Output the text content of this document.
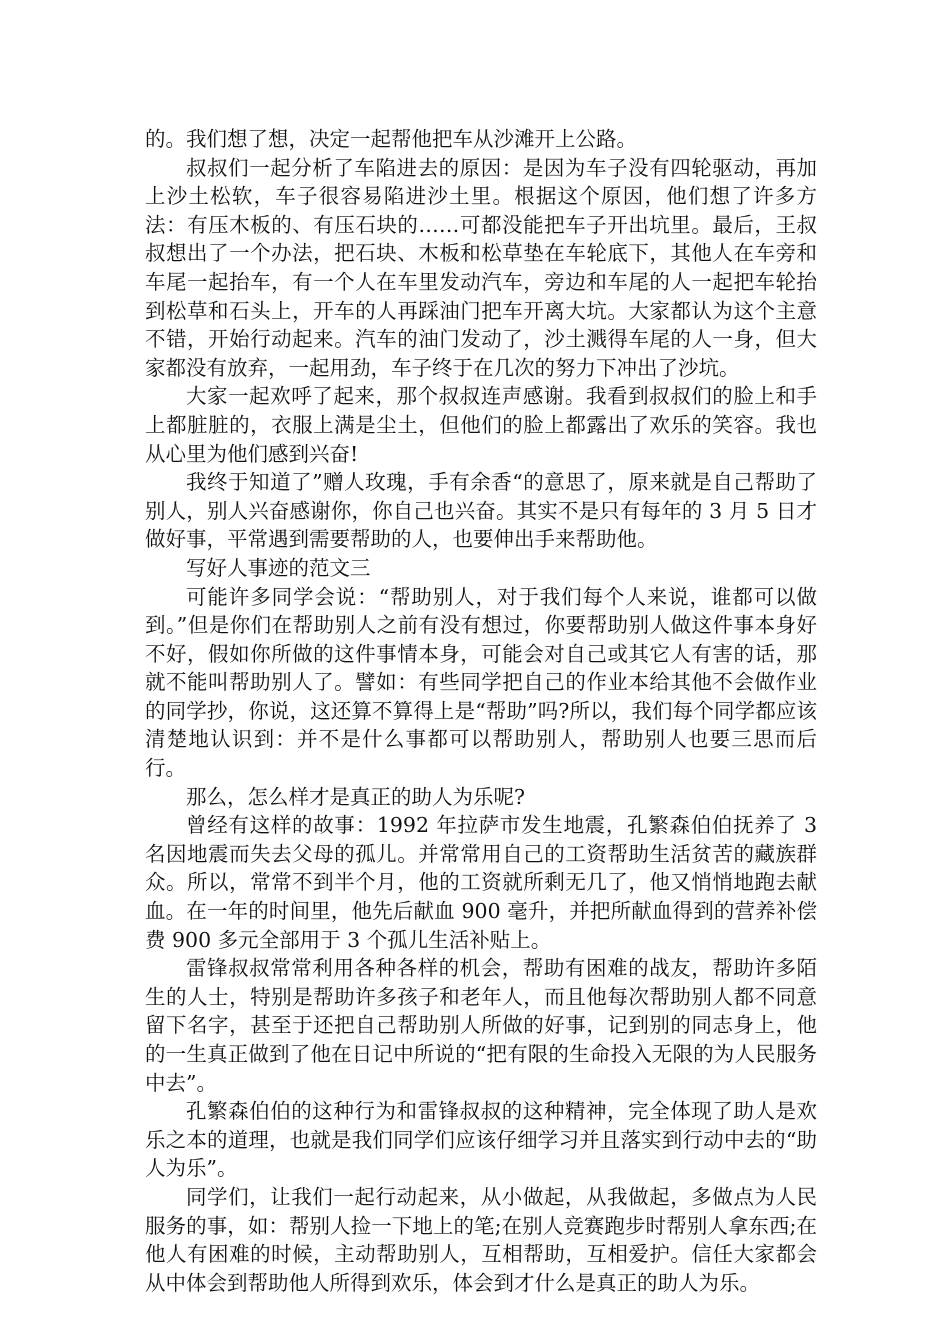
的。我们想了想，决定一起帮他把车从沙滩开上公路。

叔叔们一起分析了车陷进去的原因：是因为车子没有四轮驱动，再加上沙土松软，车子很容易陷进沙土里。根据这个原因，他们想了许多方法：有压木板的、有压石块的……可都没能把车子开出坑里。最后，王叔叔想出了一个办法，把石块、木板和松草垫在车轮底下，其他人在车旁和车尾一起抬车，有一个人在车里发动汽车，旁边和车尾的人一起把车轮抬到松草和石头上，开车的人再踩油门把车开离大坑。大家都认为这个主意不错，开始行动起来。汽车的油门发动了，沙土溅得车尾的人一身，但大家都没有放弃，一起用劲，车子终于在几次的努力下冲出了沙坑。

大家一起欢呼了起来，那个叔叔连声感谢。我看到叔叔们的脸上和手上都脏脏的，衣服上满是尘土，但他们的脸上都露出了欢乐的笑容。我也从心里为他们感到兴奋!

我终于知道了”赠人玫瑰，手有余香“的意思了，原来就是自己帮助了别人，别人兴奋感谢你，你自己也兴奋。其实不是只有每年的 3 月 5 日才做好事，平常遇到需要帮助的人，也要伸出手来帮助他。

写好人事迹的范文三

可能许多同学会说：“帮助别人，对于我们每个人来说，谁都可以做到。”但是你们在帮助别人之前有没有想过，你要帮助别人做这件事本身好不好，假如你所做的这件事情本身，可能会对自己或其它人有害的话，那就不能叫帮助别人了。譬如：有些同学把自己的作业本给其他不会做作业的同学抄，你说，这还算不算得上是“帮助”吗?所以，我们每个同学都应该清楚地认识到：并不是什么事都可以帮助别人，帮助别人也要三思而后行。

那么，怎么样才是真正的助人为乐呢?

曾经有这样的故事：1992 年拉萨市发生地震，孔繁森伯伯抚养了 3 名因地震而失去父母的孤儿。并常常用自己的工资帮助生活贫苦的藏族群众。所以，常常不到半个月，他的工资就所剩无几了，他又悄悄地跑去献血。在一年的时间里，他先后献血 900 毫升，并把所献血得到的营养补偿费 900 多元全部用于 3 个孤儿生活补贴上。

雷锋叔叔常常利用各种各样的机会，帮助有困难的战友，帮助许多陌生的人士，特别是帮助许多孩子和老年人，而且他每次帮助别人都不同意留下名字，甚至于还把自己帮助别人所做的好事，记到别的同志身上，他的一生真正做到了他在日记中所说的“把有限的生命投入无限的为人民服务中去”。

孔繁森伯伯的这种行为和雷锋叔叔的这种精神，完全体现了助人是欢乐之本的道理，也就是我们同学们应该仔细学习并且落实到行动中去的“助人为乐”。

同学们，让我们一起行动起来，从小做起，从我做起，多做点为人民服务的事，如：帮别人捡一下地上的笔;在别人竞赛跑步时帮别人拿东西;在他人有困难的时候，主动帮助别人，互相帮助，互相爱护。信任大家都会从中体会到帮助他人所得到欢乐，体会到才什么是真正的助人为乐。
